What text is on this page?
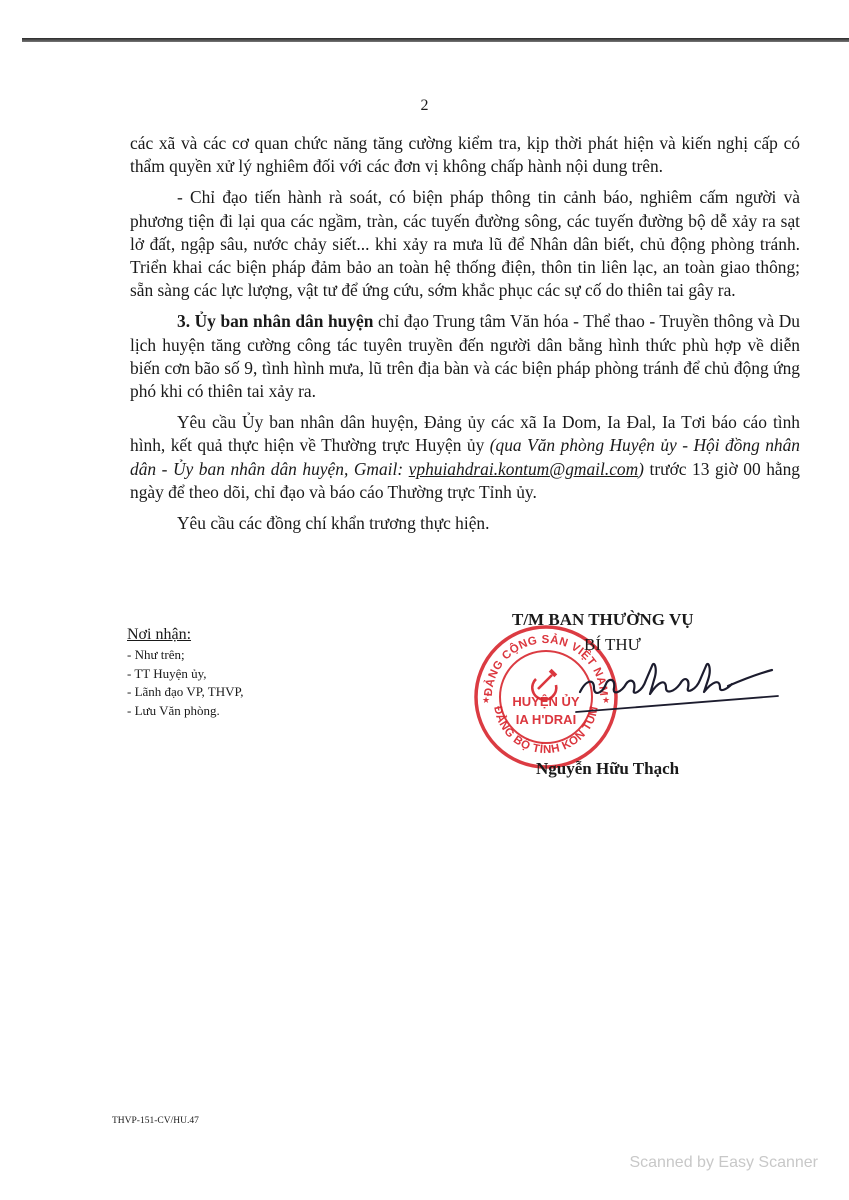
2

các xã và các cơ quan chức năng tăng cường kiểm tra, kịp thời phát hiện và kiến nghị cấp có thẩm quyền xử lý nghiêm đối với các đơn vị không chấp hành nội dung trên.

- Chỉ đạo tiến hành rà soát, có biện pháp thông tin cảnh báo, nghiêm cấm người và phương tiện đi lại qua các ngầm, tràn, các tuyến đường sông, các tuyến đường bộ dễ xảy ra sạt lở đất, ngập sâu, nước chảy siết... khi xảy ra mưa lũ để Nhân dân biết, chủ động phòng tránh. Triển khai các biện pháp đảm bảo an toàn hệ thống điện, thôn tin liên lạc, an toàn giao thông; sẵn sàng các lực lượng, vật tư để ứng cứu, sớm khắc phục các sự cố do thiên tai gây ra.

3. Ủy ban nhân dân huyện chỉ đạo Trung tâm Văn hóa - Thể thao - Truyền thông và Du lịch huyện tăng cường công tác tuyên truyền đến người dân bằng hình thức phù hợp về diễn biến cơn bão số 9, tình hình mưa, lũ trên địa bàn và các biện pháp phòng tránh để chủ động ứng phó khi có thiên tai xảy ra.

Yêu cầu Ủy ban nhân dân huyện, Đảng ủy các xã Ia Dom, Ia Đal, Ia Tơi báo cáo tình hình, kết quả thực hiện về Thường trực Huyện ủy (qua Văn phòng Huyện ủy - Hội đồng nhân dân - Ủy ban nhân dân huyện, Gmail: vphuiahdrai.kontum@gmail.com) trước 13 giờ 00 hằng ngày để theo dõi, chỉ đạo và báo cáo Thường trực Tỉnh ủy.

Yêu cầu các đồng chí khẩn trương thực hiện.

Nơi nhận:
- Như trên;
- TT Huyện ủy,
- Lãnh đạo VP, THVP,
- Lưu Văn phòng.
ĐẢNG CỘNG SẢN VIỆT NAM
ĐẢNG BỘ TỈNH KON TUM
★	★
HUYỆN ỦY
IA H'DRAI
T/M BAN THƯỜNG VỤ
BÍ THƯ
Nguyễn Hữu Thạch
THVP-151-CV/HU.47
Scanned by Easy Scanner
